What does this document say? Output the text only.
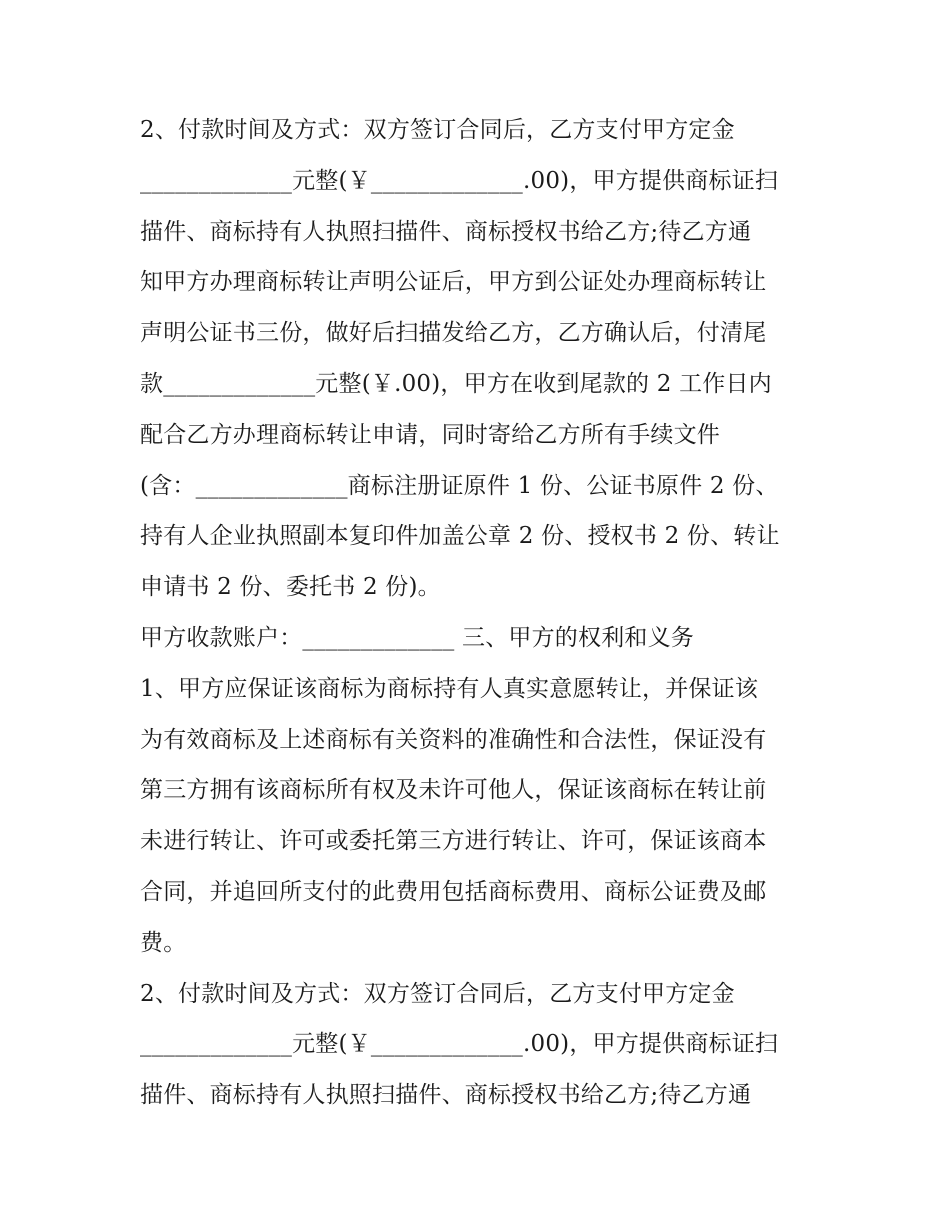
2、付款时间及方式：双方签订合同后，乙方支付甲方定金
_____________元整(￥_____________.00)，甲方提供商标证扫
描件、商标持有人执照扫描件、商标授权书给乙方;待乙方通
知甲方办理商标转让声明公证后，甲方到公证处办理商标转让
声明公证书三份，做好后扫描发给乙方，乙方确认后，付清尾
款_____________元整(￥.00)，甲方在收到尾款的 2 工作日内
配合乙方办理商标转让申请，同时寄给乙方所有手续文件
(含：_____________商标注册证原件 1 份、公证书原件 2 份、
持有人企业执照副本复印件加盖公章 2 份、授权书 2 份、转让
申请书 2 份、委托书 2 份)。
甲方收款账户：_____________ 三、甲方的权利和义务
1、甲方应保证该商标为商标持有人真实意愿转让，并保证该
为有效商标及上述商标有关资料的准确性和合法性，保证没有
第三方拥有该商标所有权及未许可他人，保证该商标在转让前
未进行转让、许可或委托第三方进行转让、许可，保证该商本
合同，并追回所支付的此费用包括商标费用、商标公证费及邮
费。
2、付款时间及方式：双方签订合同后，乙方支付甲方定金
_____________元整(￥_____________.00)，甲方提供商标证扫
描件、商标持有人执照扫描件、商标授权书给乙方;待乙方通
